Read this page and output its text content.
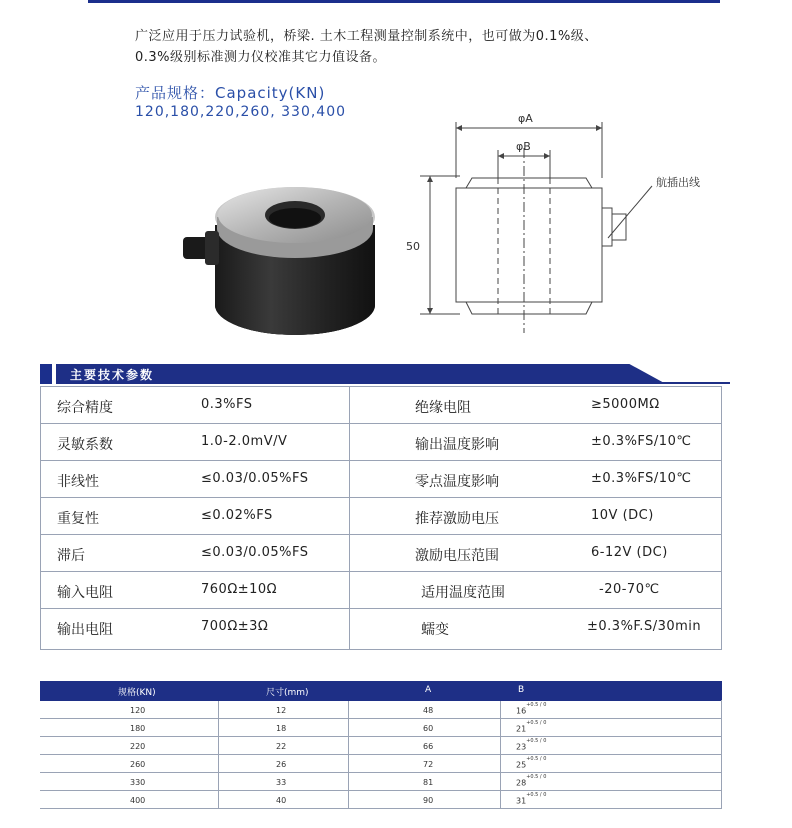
广泛应用于压力试验机，桥梁. 土木工程测量控制系统中，也可做为0.1%级、
0.3%级别标准测力仪校准其它力值设备。
产品规格：Capacity(KN)
120,180,220,260, 330,400	φA
φB
50
航插出线
主要技术参数
综合精度	0.3%FS	绝缘电阻	≥5000MΩ
灵敏系数	1.0-2.0mV/V	输出温度影响	±0.3%FS/10℃
非线性	≤0.03/0.05%FS	零点温度影响	±0.3%FS/10℃
重复性	≤0.02%FS	推荐激励电压	10V (DC)
滞后	≤0.03/0.05%FS	激励电压范围	6-12V (DC)
输入电阻	760Ω±10Ω	适用温度范围	-20-70℃
输出电阻	700Ω±3Ω	蠕变	±0.3%F.S/30min
规格(KN)	尺寸(mm)	A	B
120	12	48	$16^{+0.5 / 0}$
180	18	60	$21^{+0.5 / 0}$
220	22	66	$23^{+0.5 / 0}$
260	26	72	$25^{+0.5 / 0}$
330	33	81	$28^{+0.5 / 0}$
400	40	90	$31^{+0.5 / 0}$
